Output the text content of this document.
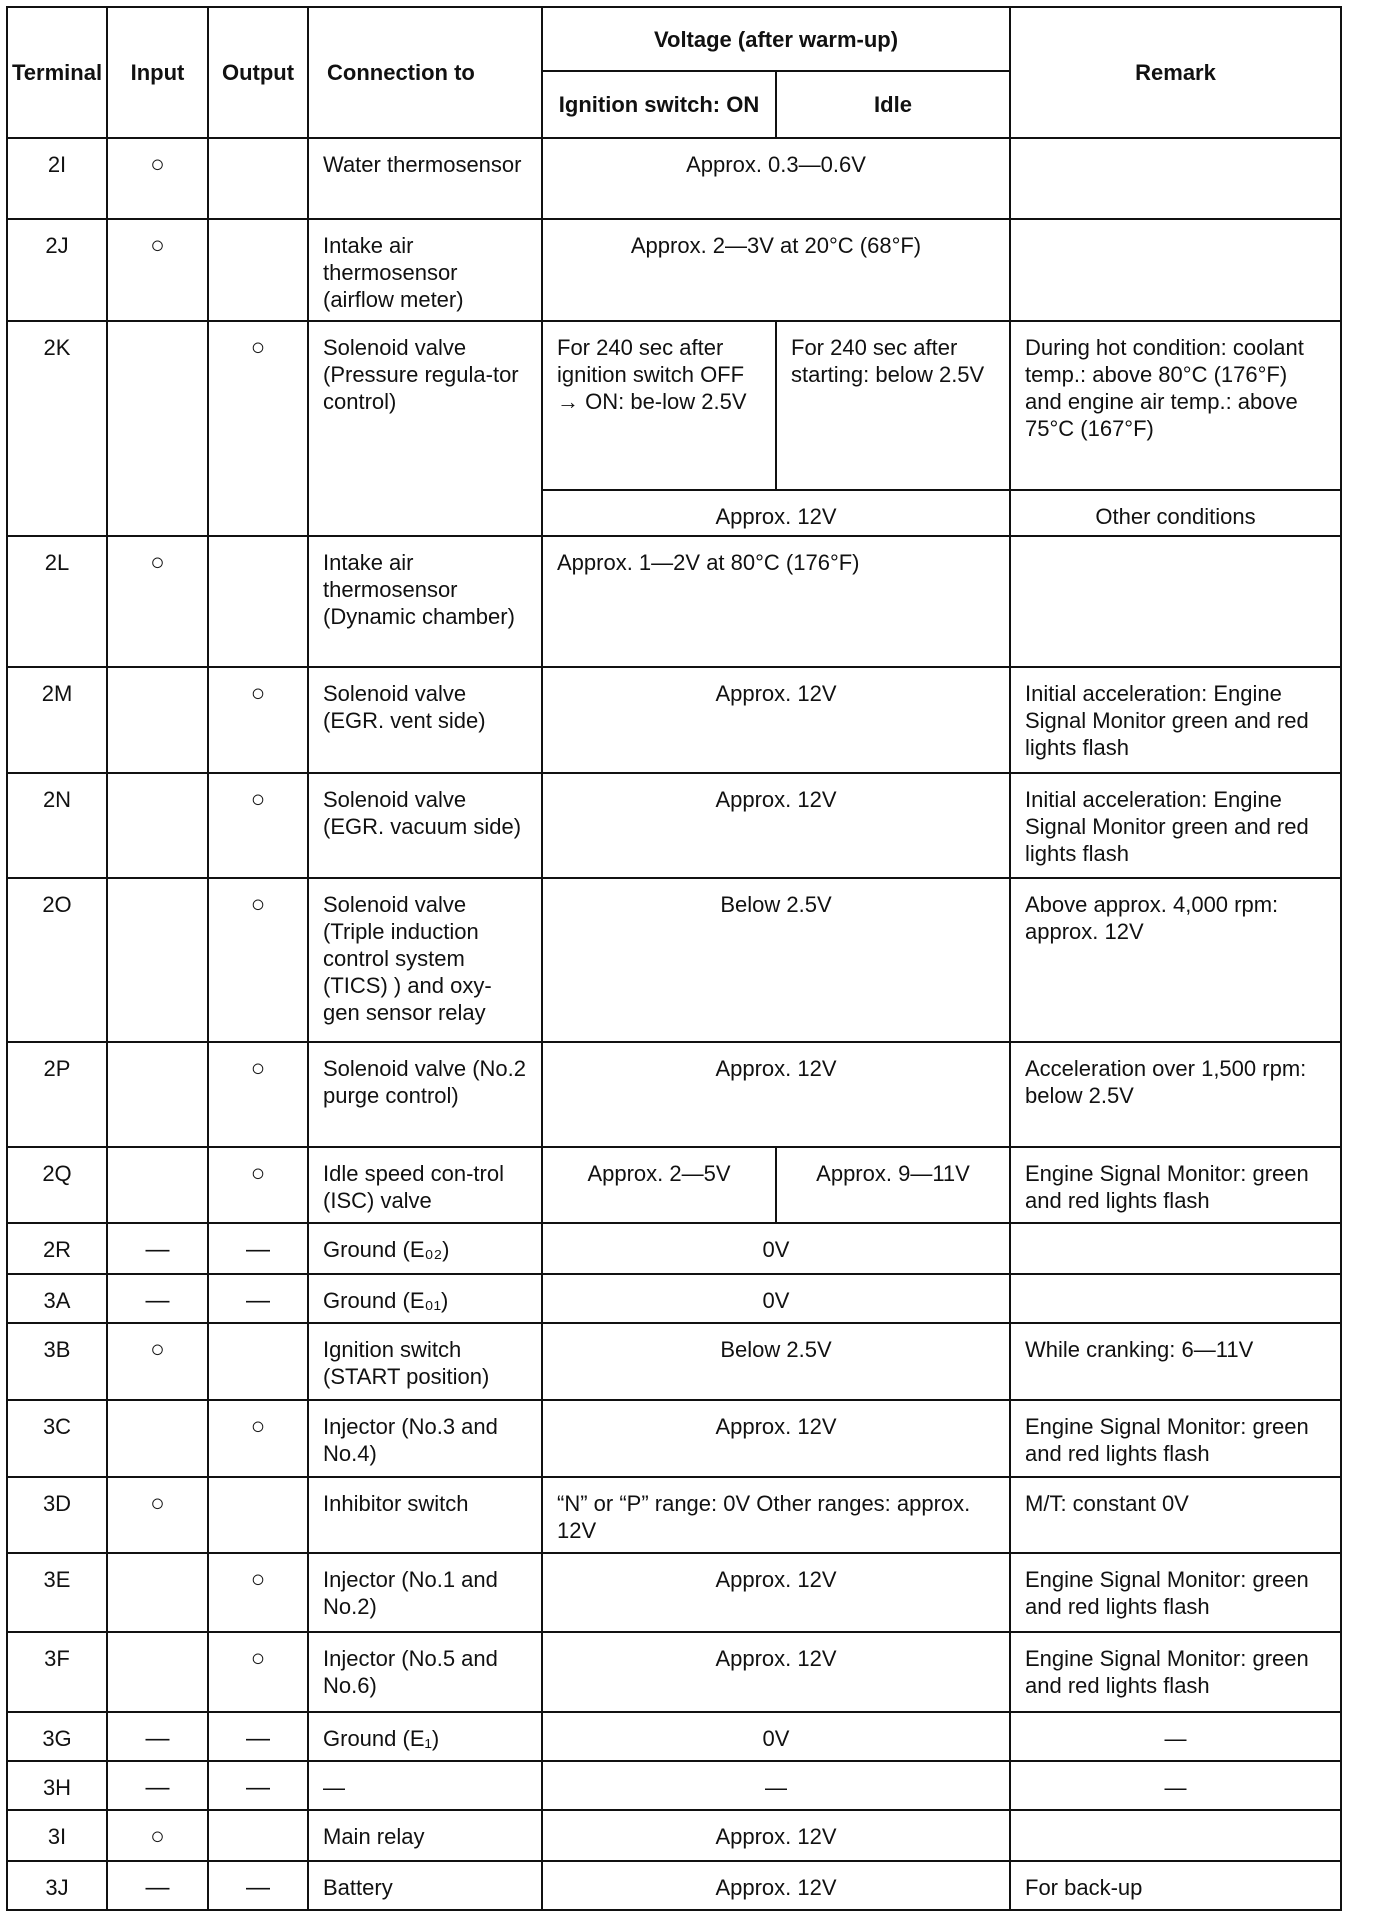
Terminal	Input	Output	Connection to	Voltage (after warm-up)		Remark
				Ignition switch: ON	Idle	
2I	○		Water thermosensor	Approx. 0.3—0.6V		
2J	○		Intake air thermosensor (airflow meter)	Approx. 2—3V at 20°C (68°F)		
2K		○	Solenoid valve (Pressure regula-tor control)	For 240 sec after ignition switch OFF → ON: be-low 2.5V	For 240 sec after starting: below 2.5V	During hot condition: coolant temp.: above 80°C (176°F) and engine air temp.: above 75°C (167°F)
				Approx. 12V		Other conditions
2L	○		Intake air thermosensor (Dynamic chamber)	Approx. 1—2V at 80°C (176°F)		
2M		○	Solenoid valve (EGR. vent side)	Approx. 12V		Initial acceleration: Engine Signal Monitor green and red lights flash
2N		○	Solenoid valve (EGR. vacuum side)	Approx. 12V		Initial acceleration: Engine Signal Monitor green and red lights flash
2O		○	Solenoid valve (Triple induction control system (TICS) ) and oxy-gen sensor relay	Below 2.5V		Above approx. 4,000 rpm: approx. 12V
2P		○	Solenoid valve (No.2 purge control)	Approx. 12V		Acceleration over 1,500 rpm: below 2.5V
2Q		○	Idle speed con-trol (ISC) valve	Approx. 2—5V	Approx. 9—11V	Engine Signal Monitor: green and red lights flash
2R	—	—	Ground (E₀₂)	0V		
3A	—	—	Ground (E₀₁)	0V		
3B	○		Ignition switch (START position)	Below 2.5V		While cranking: 6—11V
3C		○	Injector (No.3 and No.4)	Approx. 12V		Engine Signal Monitor: green and red lights flash
3D	○		Inhibitor switch	“N” or “P” range: 0V Other ranges: approx. 12V		M/T: constant 0V
3E		○	Injector (No.1 and No.2)	Approx. 12V		Engine Signal Monitor: green and red lights flash
3F		○	Injector (No.5 and No.6)	Approx. 12V		Engine Signal Monitor: green and red lights flash
3G	—	—	Ground (E₁)	0V		—
3H	—	—	—	—		—
3I	○		Main relay	Approx. 12V		
3J	—	—	Battery	Approx. 12V		For back-up
